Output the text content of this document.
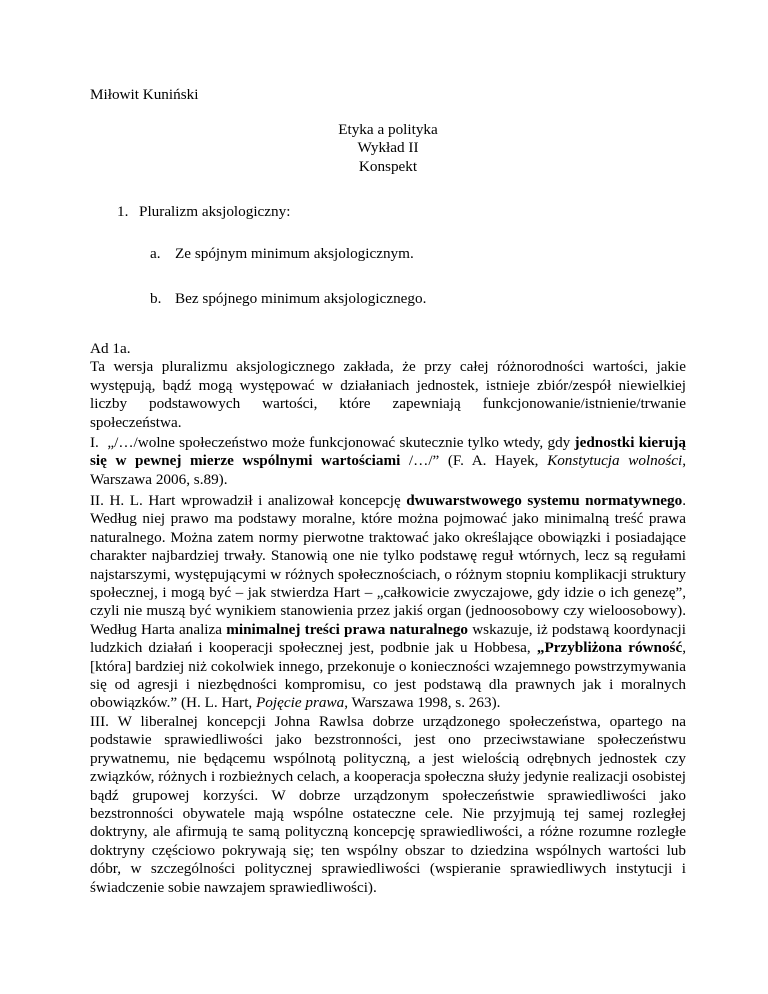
Miłowit Kuniński
Etyka a polityka
Wykład II
Konspekt
1. Pluralizm aksjologiczny:
a. Ze spójnym minimum aksjologicznym.
b. Bez spójnego minimum aksjologicznego.
Ad 1a.
Ta wersja pluralizmu aksjologicznego zakłada, że przy całej różnorodności wartości, jakie występują, bądź mogą występować w działaniach jednostek, istnieje zbiór/zespół niewielkiej liczby podstawowych wartości, które zapewniają funkcjonowanie/istnienie/trwanie społeczeństwa.
I.  „/…/wolne społeczeństwo może funkcjonować skutecznie tylko wtedy, gdy jednostki kierują się w pewnej mierze wspólnymi wartościami /…/” (F. A. Hayek, Konstytucja wolności, Warszawa 2006, s.89).
II. H. L. Hart wprowadził i analizował koncepcję dwuwarstwowego systemu normatywnego. Według niej prawo ma podstawy moralne, które można pojmować jako minimalną treść prawa naturalnego. Można zatem normy pierwotne traktować jako określające obowiązki i posiadające charakter najbardziej trwały. Stanowią one nie tylko podstawę reguł wtórnych, lecz są regułami najstarszymi, występującymi w różnych społecznościach, o różnym stopniu komplikacji struktury społecznej, i mogą być – jak stwierdza Hart – „całkowicie zwyczajowe, gdy idzie o ich genezę”, czyli nie muszą być wynikiem stanowienia przez jakiś organ (jednoosobowy czy wieloosobowy). Według Harta analiza minimalnej treści prawa naturalnego wskazuje, iż podstawą koordynacji ludzkich działań i kooperacji społecznej jest, podbnie jak u Hobbesa, „Przybliżona równość, [która] bardziej niż cokolwiek innego, przekonuje o konieczności wzajemnego powstrzymywania się od agresji i niezbędności kompromisu, co jest podstawą dla prawnych jak i moralnych obowiązków.” (H. L. Hart, Pojęcie prawa, Warszawa 1998, s. 263).
III. W liberalnej koncepcji Johna Rawlsa dobrze urządzonego społeczeństwa, opartego na podstawie sprawiedliwości jako bezstronności, jest ono przeciwstawiane społeczeństwu prywatnemu, nie będącemu wspólnotą polityczną, a jest wielością odrębnych jednostek czy związków, różnych i rozbieżnych celach, a kooperacja społeczna służy jedynie realizacji osobistej bądź grupowej korzyści. W dobrze urządzonym społeczeństwie sprawiedliwości jako bezstronności obywatele mają wspólne ostateczne cele. Nie przyjmują tej samej rozległej doktryny, ale afirmują te samą polityczną koncepcję sprawiedliwości, a różne rozumne rozległe doktryny częściowo pokrywają się; ten wspólny obszar to dziedzina wspólnych wartości lub dóbr, w szczególności politycznej sprawiedliwości (wspieranie sprawiedliwych instytucji i świadczenie sobie nawzajem sprawiedliwości).
